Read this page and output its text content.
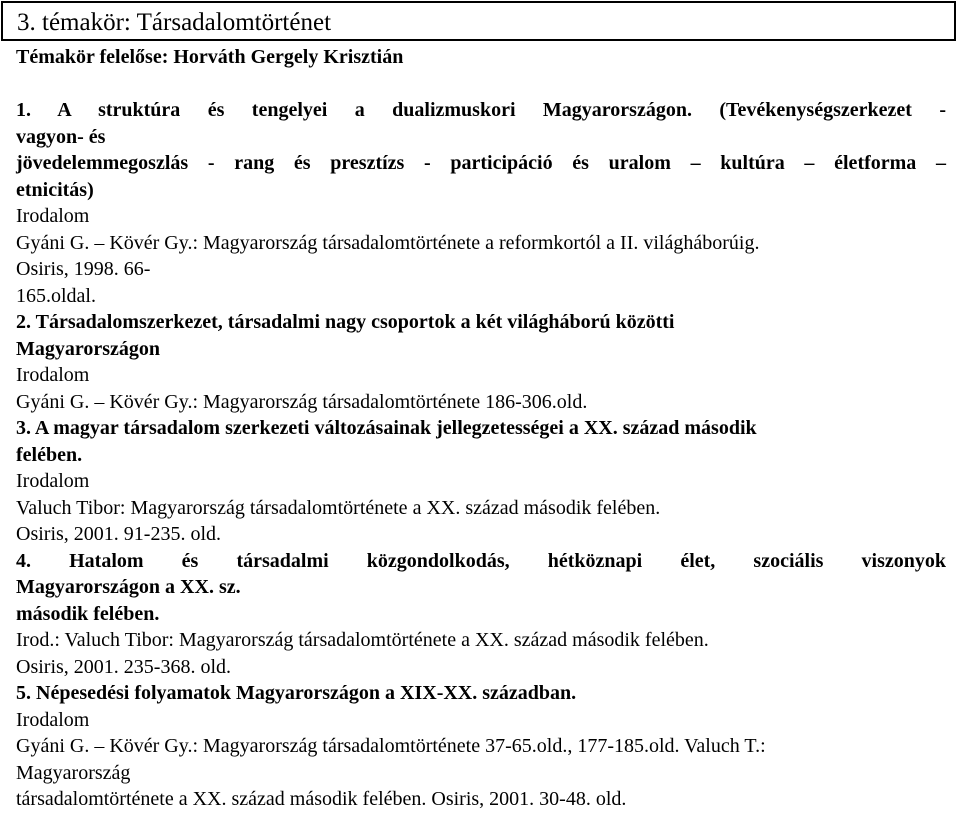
3. témakör: Társadalomtörténet
Témakör felelőse: Horváth Gergely Krisztián
1. A struktúra és tengelyei a dualizmuskori Magyarországon. (Tevékenységszerkezet -
vagyon- és
jövedelemmegoszlás - rang és presztízs - participáció és uralom – kultúra – életforma –
etnicitás)
Irodalom
Gyáni G. – Kövér Gy.: Magyarország társadalomtörténete a reformkortól a II. világháborúig.
Osiris, 1998. 66-
165.oldal.
2. Társadalomszerkezet, társadalmi nagy csoportok a két világháború közötti
Magyarországon
Irodalom
Gyáni G. – Kövér Gy.: Magyarország társadalomtörténete 186-306.old.
3. A magyar társadalom szerkezeti változásainak jellegzetességei a XX. század második
felében.
Irodalom
Valuch Tibor: Magyarország társadalomtörténete a XX. század második felében.
Osiris, 2001. 91-235. old.
4. Hatalom és társadalmi közgondolkodás, hétköznapi élet, szociális viszonyok
Magyarországon a XX. sz.
második felében.
Irod.: Valuch Tibor: Magyarország társadalomtörténete a XX. század második felében.
Osiris, 2001. 235-368. old.
5. Népesedési folyamatok Magyarországon a XIX-XX. században.
Irodalom
Gyáni G. – Kövér Gy.: Magyarország társadalomtörténete 37-65.old., 177-185.old. Valuch T.:
Magyarország
társadalomtörténete a XX. század második felében. Osiris, 2001. 30-48. old.
